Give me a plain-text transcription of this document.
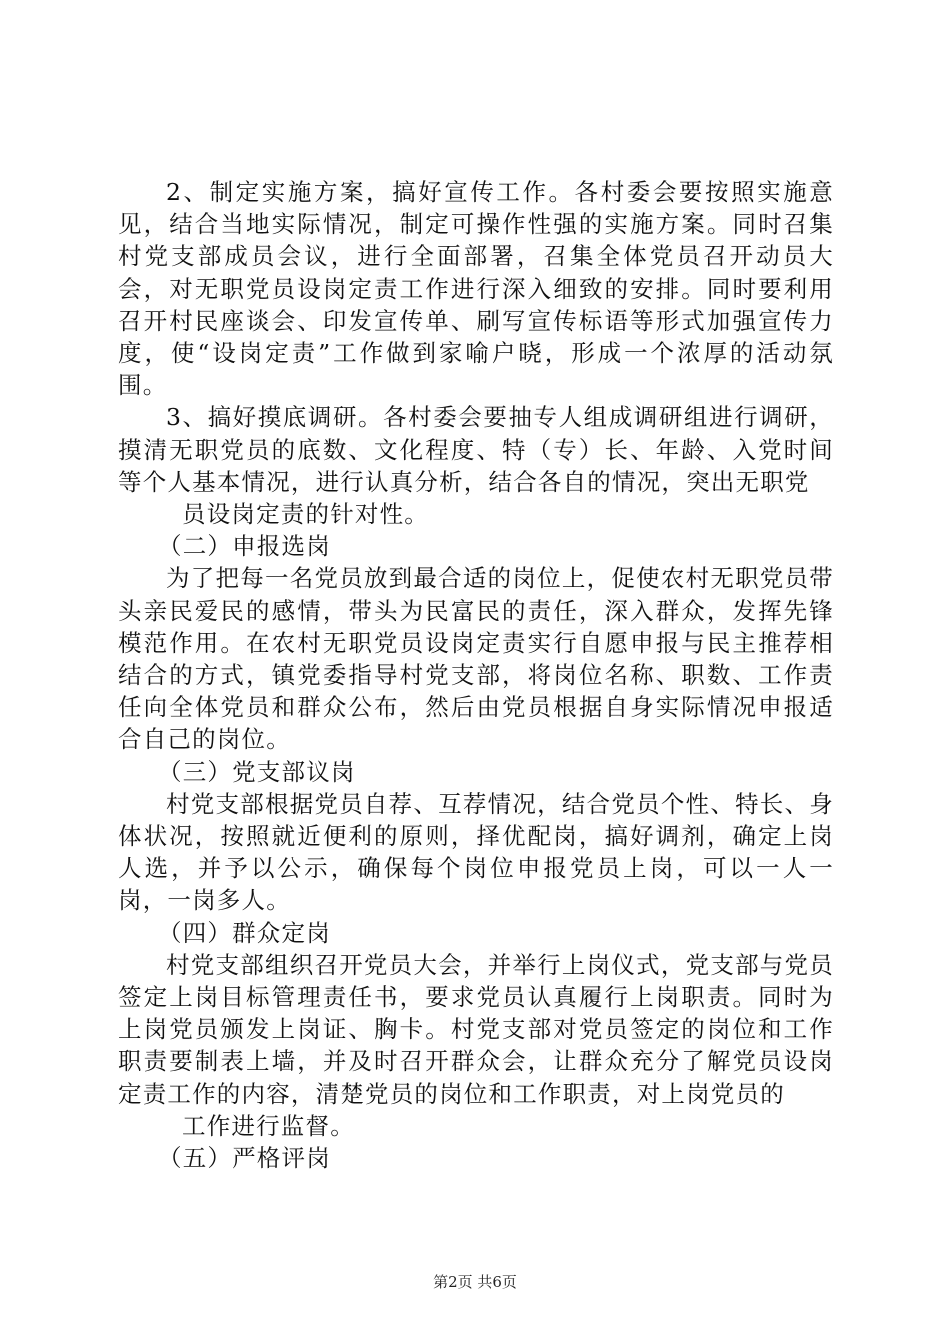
2、制定实施方案，搞好宣传工作。各村委会要按照实施意见，结合当地实际情况，制定可操作性强的实施方案。同时召集村党支部成员会议，进行全面部署，召集全体党员召开动员大会，对无职党员设岗定责工作进行深入细致的安排。同时要利用召开村民座谈会、印发宣传单、刷写宣传标语等形式加强宣传力度，使“设岗定责”工作做到家喻户晓，形成一个浓厚的活动氛围。

3、搞好摸底调研。各村委会要抽专人组成调研组进行调研，摸清无职党员的底数、文化程度、特（专）长、年龄、入党时间等个人基本情况，进行认真分析，结合各自的情况，突出无职党

员设岗定责的针对性。

（二）申报选岗

为了把每一名党员放到最合适的岗位上，促使农村无职党员带头亲民爱民的感情，带头为民富民的责任，深入群众，发挥先锋模范作用。在农村无职党员设岗定责实行自愿申报与民主推荐相结合的方式，镇党委指导村党支部，将岗位名称、职数、工作责任向全体党员和群众公布，然后由党员根据自身实际情况申报适合自己的岗位。

（三）党支部议岗

村党支部根据党员自荐、互荐情况，结合党员个性、特长、身体状况，按照就近便利的原则，择优配岗，搞好调剂，确定上岗人选，并予以公示，确保每个岗位申报党员上岗，可以一人一岗，一岗多人。

（四）群众定岗

村党支部组织召开党员大会，并举行上岗仪式，党支部与党员签定上岗目标管理责任书，要求党员认真履行上岗职责。同时为上岗党员颁发上岗证、胸卡。村党支部对党员签定的岗位和工作职责要制表上墙，并及时召开群众会，让群众充分了解党员设岗定责工作的内容，清楚党员的岗位和工作职责，对上岗党员的

工作进行监督。

（五）严格评岗

第2页 共6页
